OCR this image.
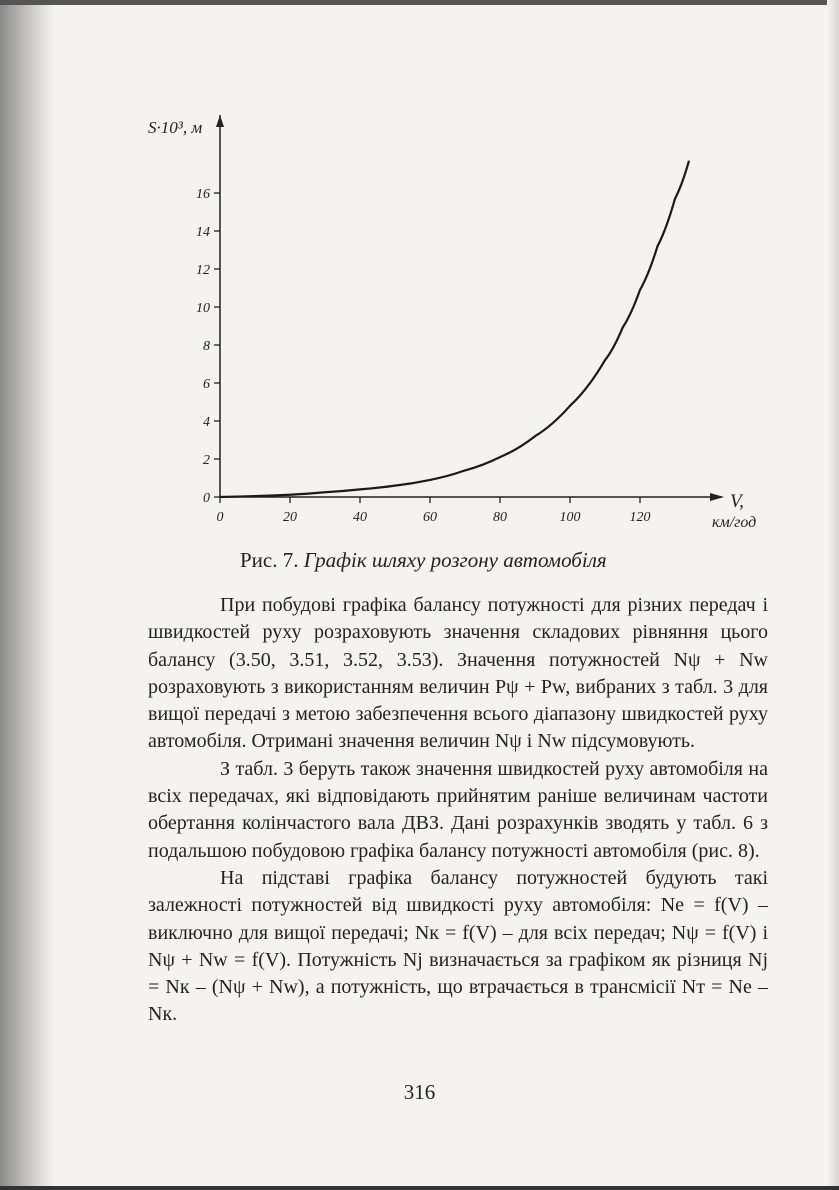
0
2
4
6
8
10
12
14
16
0	20	40	60	80	100	120
S·10³, м
V,
км/год
Рис. 7. Графік шляху розгону автомобіля

При побудові графіка балансу потужності для різних передач і швидкостей руху розраховують значення складових рівняння цього балансу (3.50, 3.51, 3.52, 3.53). Значення потужностей Nψ + Nw розраховують з використанням величин Pψ + Pw, вибраних з табл. 3 для вищої передачі з метою забезпечення всього діапазону швидкостей руху автомобіля. Отримані значення величин Nψ і Nw підсумовують.

З табл. 3 беруть також значення швидкостей руху автомобіля на всіх передачах, які відповідають прийнятим раніше величинам частоти обертання колінчастого вала ДВЗ. Дані розрахунків зводять у табл. 6 з подальшою побудовою графіка балансу потужності автомобіля (рис. 8).

На підставі графіка балансу потужностей будують такі залежності потужностей від швидкості руху автомобіля: Ne = f(V) – виключно для вищої передачі; Nк = f(V) – для всіх передач; Nψ = f(V) і Nψ + Nw = f(V). Потужність Nj визначається за графіком як різниця Nj = Nк – (Nψ + Nw), а потужність, що втрачається в трансмісії Nт = Ne – Nк.

316
